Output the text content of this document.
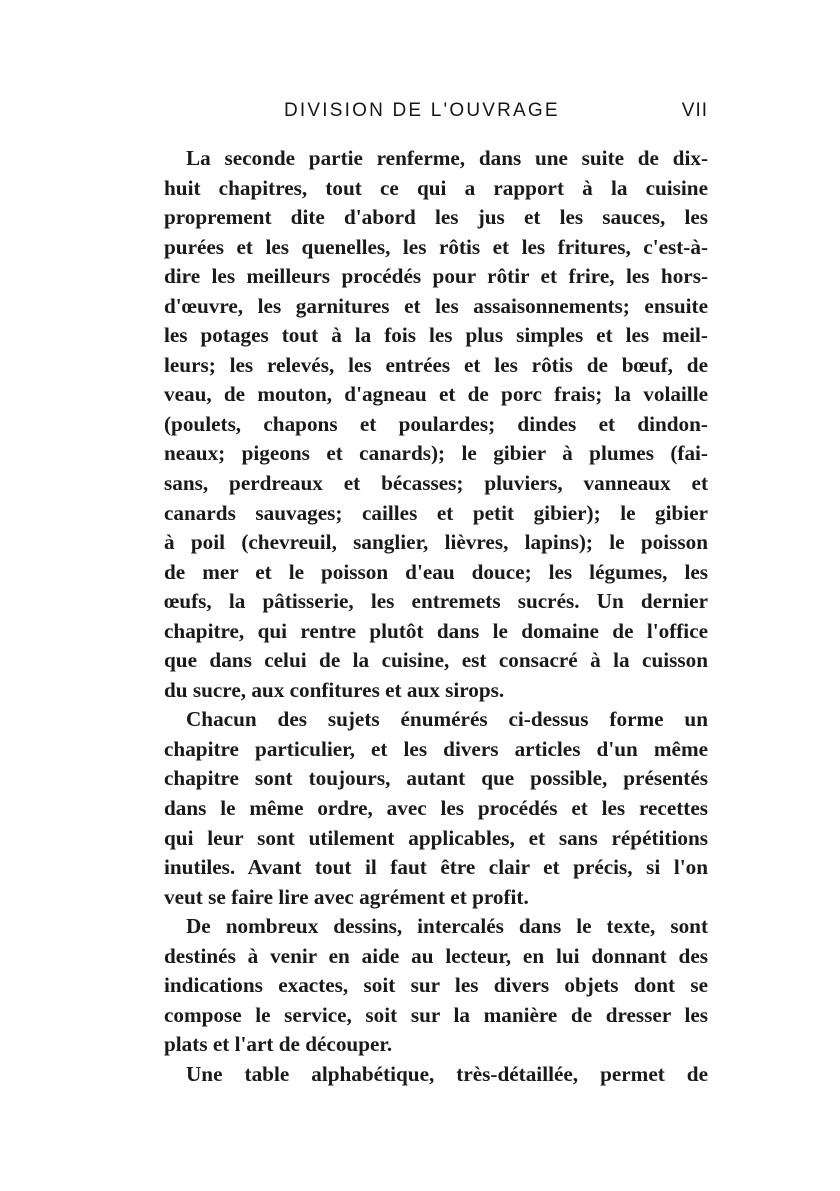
DIVISION DE L'OUVRAGE	VII

La seconde partie renferme, dans une suite de dix-
huit chapitres, tout ce qui a rapport à la cuisine
proprement dite d'abord les jus et les sauces, les
purées et les quenelles, les rôtis et les fritures, c'est-à-
dire les meilleurs procédés pour rôtir et frire, les hors-
d'œuvre, les garnitures et les assaisonnements; ensuite
les potages tout à la fois les plus simples et les meil-
leurs; les relevés, les entrées et les rôtis de bœuf, de
veau, de mouton, d'agneau et de porc frais; la volaille
(poulets, chapons et poulardes; dindes et dindon-
neaux; pigeons et canards); le gibier à plumes (fai-
sans, perdreaux et bécasses; pluviers, vanneaux et
canards sauvages; cailles et petit gibier); le gibier
à poil (chevreuil, sanglier, lièvres, lapins); le poisson
de mer et le poisson d'eau douce; les légumes, les
œufs, la pâtisserie, les entremets sucrés. Un dernier
chapitre, qui rentre plutôt dans le domaine de l'office
que dans celui de la cuisine, est consacré à la cuisson
du sucre, aux confitures et aux sirops.

Chacun des sujets énumérés ci-dessus forme un
chapitre particulier, et les divers articles d'un même
chapitre sont toujours, autant que possible, présentés
dans le même ordre, avec les procédés et les recettes
qui leur sont utilement applicables, et sans répétitions
inutiles. Avant tout il faut être clair et précis, si l'on
veut se faire lire avec agrément et profit.

De nombreux dessins, intercalés dans le texte, sont
destinés à venir en aide au lecteur, en lui donnant des
indications exactes, soit sur les divers objets dont se
compose le service, soit sur la manière de dresser les
plats et l'art de découper.

Une table alphabétique, très-détaillée, permet de
